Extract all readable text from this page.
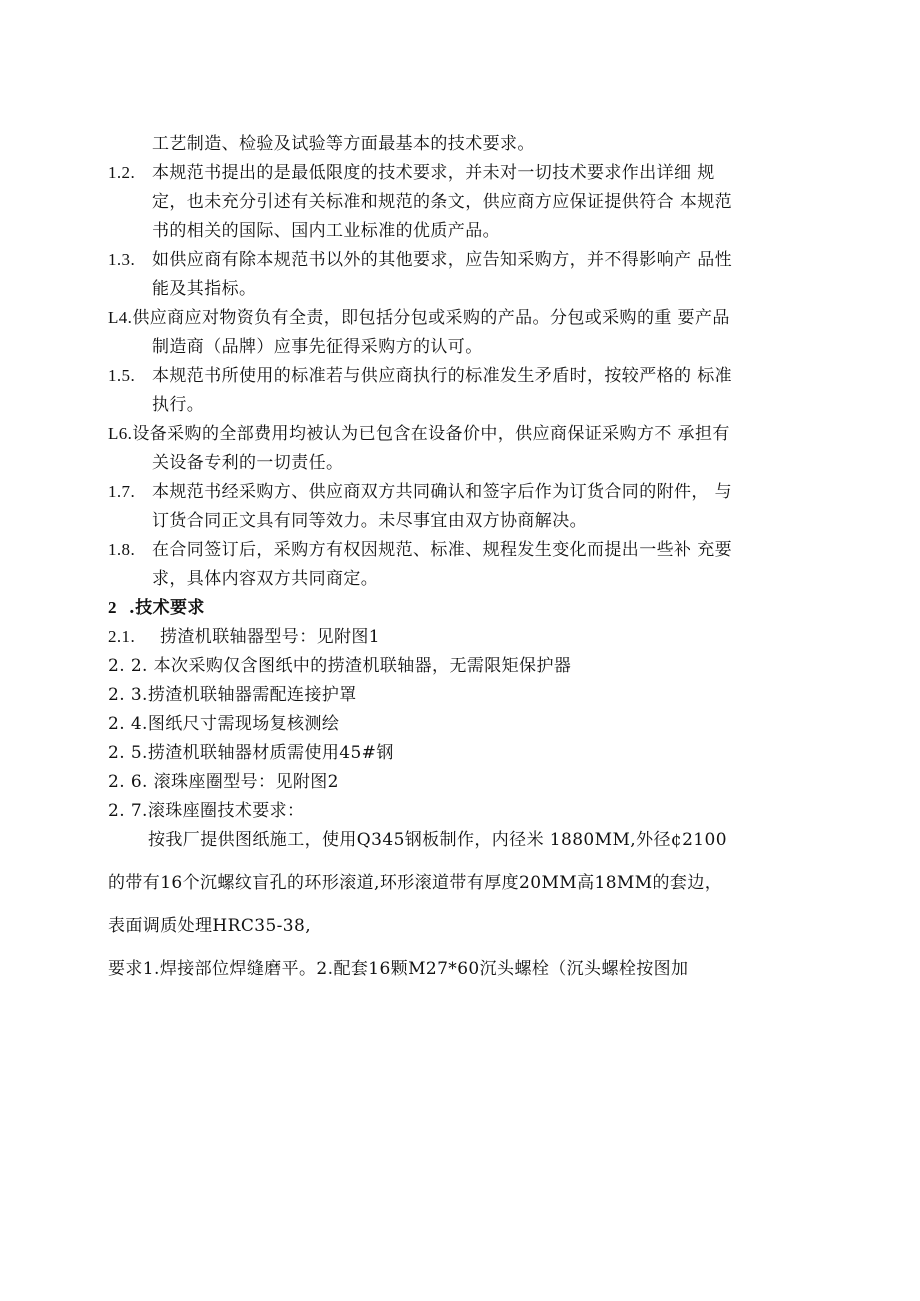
工艺制造、检验及试验等方面最基本的技术要求。
1.2. 本规范书提出的是最低限度的技术要求，并未对一切技术要求作出详细 规
定，也未充分引述有关标准和规范的条文，供应商方应保证提供符合 本规范
书的相关的国际、国内工业标准的优质产品。
1.3. 如供应商有除本规范书以外的其他要求，应告知采购方，并不得影响产 品性
能及其指标。
L4.供应商应对物资负有全责，即包括分包或采购的产品。分包或采购的重 要产品
制造商（品牌）应事先征得采购方的认可。
1.5. 本规范书所使用的标准若与供应商执行的标准发生矛盾时，按较严格的 标准
执行。
L6.设备采购的全部费用均被认为已包含在设备价中，供应商保证采购方不 承担有
关设备专利的一切责任。
1.7. 本规范书经采购方、供应商双方共同确认和签字后作为订货合同的附件， 与
订货合同正文具有同等效力。未尽事宜由双方协商解决。
1.8. 在合同签订后，采购方有权因规范、标准、规程发生变化而提出一些补 充要
求，具体内容双方共同商定。
2 .技术要求
2.1. 捞渣机联轴器型号：见附图1
2. 2. 本次采购仅含图纸中的捞渣机联轴器，无需限矩保护器
2. 3.捞渣机联轴器需配连接护罩
2. 4.图纸尺寸需现场复核测绘
2. 5.捞渣机联轴器材质需使用45#钢
2. 6. 滚珠座圈型号：见附图2
2. 7.滚珠座圈技术要求：
按我厂提供图纸施工，使用Q345钢板制作，内径米 1880MM,外径¢2100
的带有16个沉螺纹盲孔的环形滚道,环形滚道带有厚度20MM高18MM的套边，
表面调质处理HRC35-38,
要求1.焊接部位焊缝磨平。2.配套16颗M27*60沉头螺栓（沉头螺栓按图加
